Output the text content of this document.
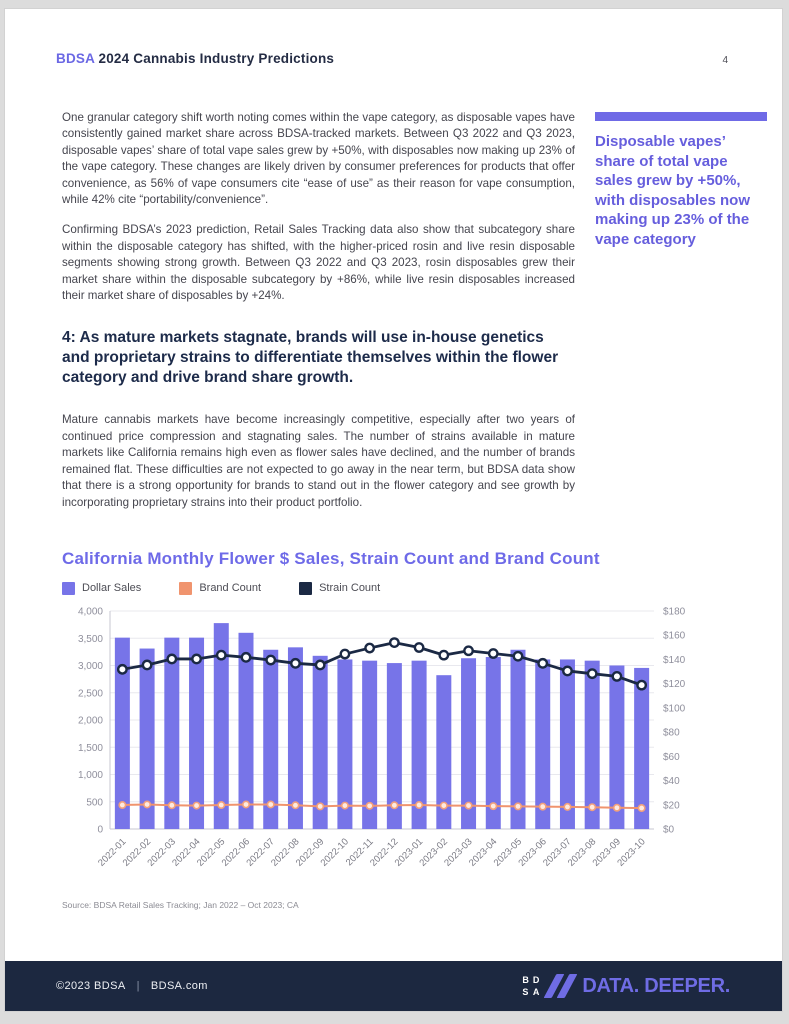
BDSA 2024 Cannabis Industry Predictions	4

One granular category shift worth noting comes within the vape category, as disposable vapes have consistently gained market share across BDSA-tracked markets. Between Q3 2022 and Q3 2023, disposable vapes’ share of total vape sales grew by +50%, with disposables now making up 23% of the vape category. These changes are likely driven by consumer preferences for products that offer convenience, as 56% of vape consumers cite “ease of use” as their reason for vape consumption, while 42% cite “portability/convenience”.

Confirming BDSA’s 2023 prediction, Retail Sales Tracking data also show that subcategory share within the disposable category has shifted, with the higher-priced rosin and live resin disposable segments showing strong growth. Between Q3 2022 and Q3 2023, rosin disposables grew their market share within the disposable subcategory by +86%, while live resin disposables increased their market share of disposables by +24%.

4: As mature markets stagnate, brands will use in-house genetics and proprietary strains to differentiate themselves within the flower category and drive brand share growth.

Mature cannabis markets have become increasingly competitive, especially after two years of continued price compression and stagnating sales. The number of strains available in mature markets like California remains high even as flower sales have declined, and the number of brands remained flat. These difficulties are not expected to go away in the near term, but BDSA data show that there is a strong opportunity for brands to stand out in the flower category and see growth by incorporating proprietary strains into their product portfolio.

Disposable vapes’ share of total vape sales grew by +50%, with disposables now making up 23% of the vape category
California Monthly Flower $ Sales, Strain Count and Brand Count
Dollar Sales	Brand Count	Strain Count
0
500
1,000
1,500
2,000
2,500
3,000
3,500
4,000
$0
$20
$40
$60
$80
$100
$120
$140
$160
$180
2022-01
2022-02
2022-03
2022-04
2022-05
2022-06
2022-07
2022-08
2022-09
2022-10
2022-11
2022-12
2023-01
2023-02
2023-03
2023-04
2023-05
2023-06
2023-07
2023-08
2023-09
2023-10
Source: BDSA Retail Sales Tracking; Jan 2022 – Oct 2023; CA
©2023 BDSA | BDSA.com
B D
S A DATA. DEEPER.
